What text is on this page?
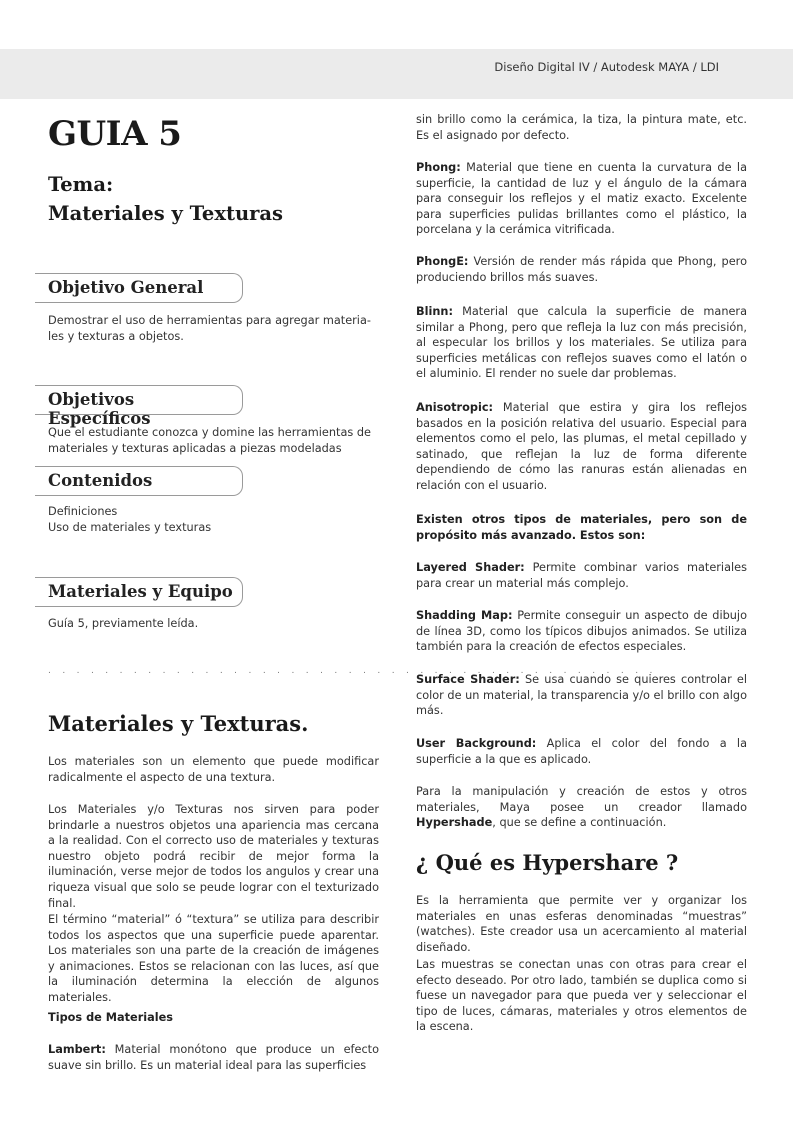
Diseño Digital IV / Autodesk MAYA / LDI
GUIA 5
Tema:
Materiales y Texturas
Objetivo General

Demostrar el uso de herramientas para agregar materia-les y texturas a objetos.

Objetivos Específicos

Que el estudiante conozca y domine las herramientas de materiales y texturas aplicadas a piezas modeladas

Contenidos

Definiciones
Uso de materiales y texturas

Materiales y Equipo

Guía 5, previamente leída.

. . . . . . . . . . . . . . . . . . . . . . . . . . . . . . . . . . . . . . . . . . .
Materiales y Texturas.

Los materiales son un elemento que puede modificar radicalmente el aspecto de una textura.

Los Materiales y/o Texturas nos sirven para poder brindarle a nuestros objetos una apariencia mas cercana a la realidad. Con el correcto uso de materiales y texturas nuestro objeto podrá recibir de mejor forma la iluminación, verse mejor de todos los angulos y crear una riqueza visual que solo se peude lograr con el texturizado final.

El término “material” ó “textura” se utiliza para describir todos los aspectos que una superficie puede aparentar. Los materiales son una parte de la creación de imágenes y animaciones. Estos se relacionan con las luces, así que la iluminación determina la elección de algunos materiales.

Tipos de Materiales

Lambert: Material monótono que produce un efecto suave sin brillo. Es un material ideal para las superficies

sin brillo como la cerámica, la tiza, la pintura mate, etc. Es el asignado por defecto.

Phong: Material que tiene en cuenta la curvatura de la superficie, la cantidad de luz y el ángulo de la cámara para conseguir los reflejos y el matiz exacto. Excelente para superficies pulidas brillantes como el plástico, la porcelana y la cerámica vitrificada.

PhongE: Versión de render más rápida que Phong, pero produciendo brillos más suaves.

Blinn: Material que calcula la superficie de manera similar a Phong, pero que refleja la luz con más precisión, al especular los brillos y los materiales. Se utiliza para superficies metálicas con reflejos suaves como el latón o el aluminio. El render no suele dar problemas.

Anisotropic: Material que estira y gira los reflejos basados en la posición relativa del usuario. Especial para elementos como el pelo, las plumas, el metal cepillado y satinado, que reflejan la luz de forma diferente dependiendo de cómo las ranuras están alienadas en relación con el usuario.

Existen otros tipos de materiales, pero son de propósito más avanzado. Estos son:

Layered Shader: Permite combinar varios materiales para crear un material más complejo.

Shadding Map: Permite conseguir un aspecto de dibujo de línea 3D, como los típicos dibujos animados. Se utiliza también para la creación de efectos especiales.

Surface Shader: Se usa cuando se quieres controlar el color de un material, la transparencia y/o el brillo con algo más.

User Background: Aplica el color del fondo a la superficie a la que es aplicado.

Para la manipulación y creación de estos y otros materiales, Maya posee un creador llamado Hypershade, que se define a continuación.

¿ Qué es Hypershare ?

Es la herramienta que permite ver y organizar los materiales en unas esferas denominadas “muestras” (watches). Este creador usa un acercamiento al material diseñado.

Las muestras se conectan unas con otras para crear el efecto deseado. Por otro lado, también se duplica como si fuese un navegador para que pueda ver y seleccionar el tipo de luces, cámaras, materiales y otros elementos de la escena.
